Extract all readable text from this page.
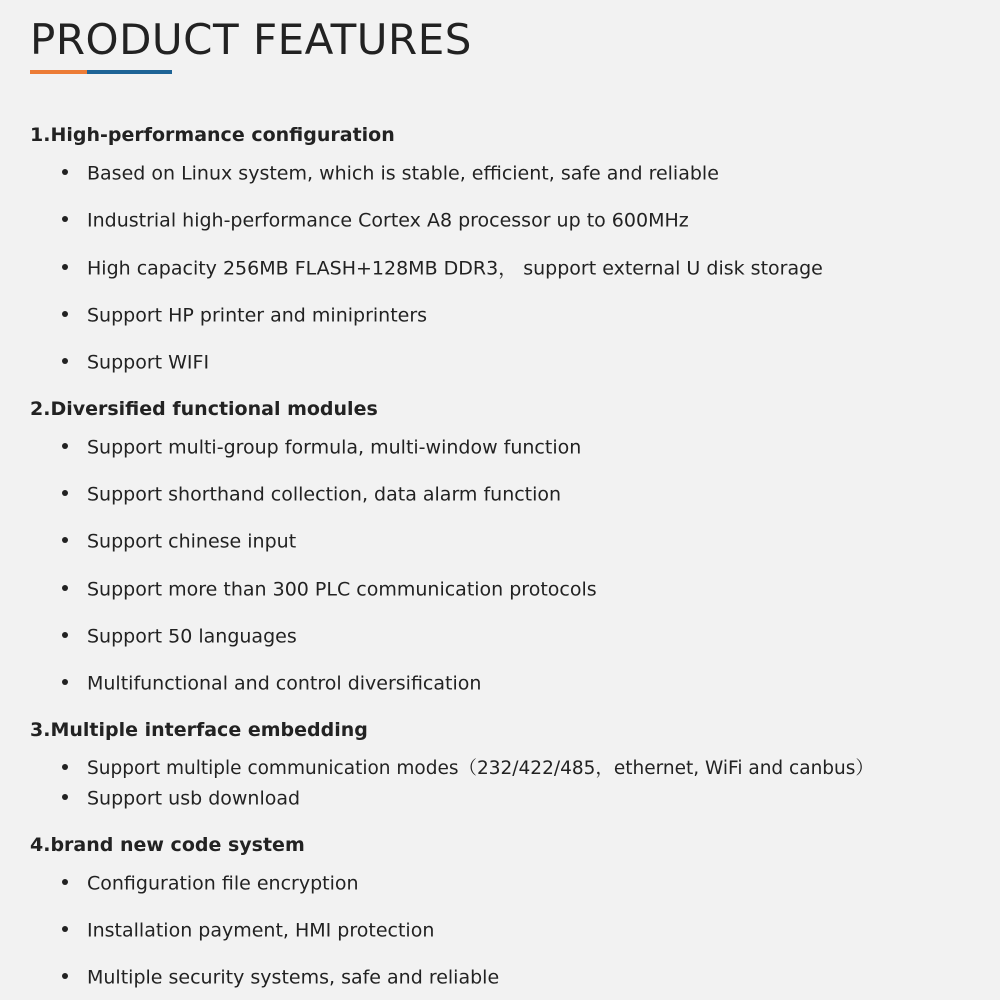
PRODUCT FEATURES
1.High-performance configuration
Based on Linux system, which is stable, efficient, safe and reliable
Industrial high-performance Cortex A8 processor up to 600MHz
High capacity 256MB FLASH+128MB DDR3， support external U disk storage
Support HP printer and miniprinters
Support WIFI
2.Diversified functional modules
Support multi-group formula, multi-window function
Support shorthand collection, data alarm function
Support chinese input
Support more than 300 PLC communication protocols
Support 50 languages
Multifunctional and control diversification
3.Multiple interface embedding
Support multiple communication modes（232/422/485，ethernet, WiFi and canbus）
Support usb download
4.brand new code system
Configuration file encryption
Installation payment, HMI protection
Multiple security systems, safe and reliable
